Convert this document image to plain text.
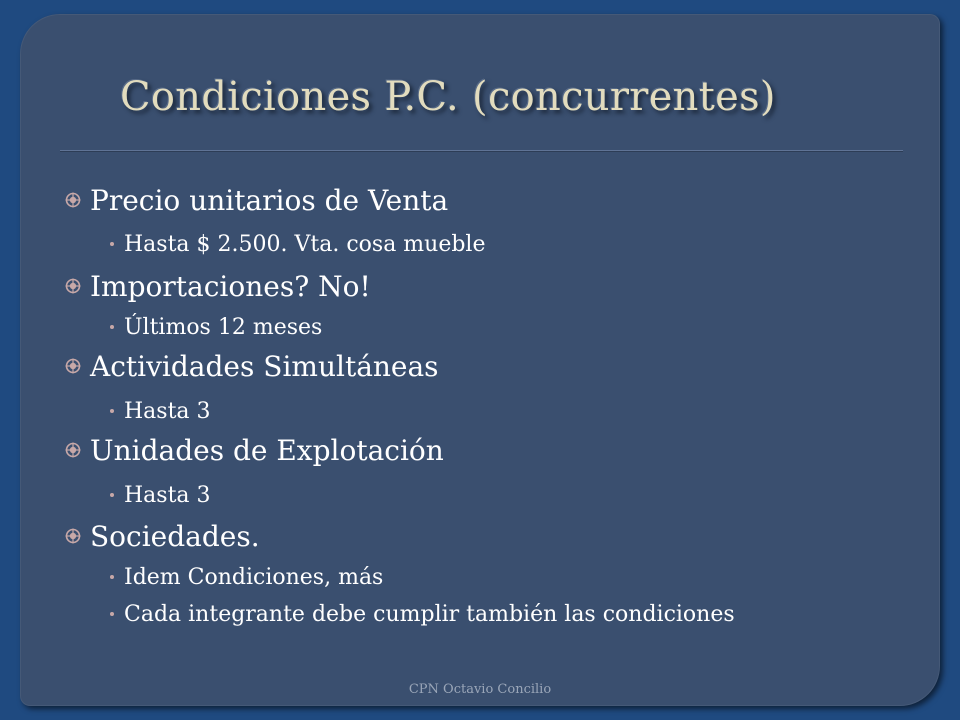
Condiciones P.C. (concurrentes)
Precio unitarios de Venta
Hasta $ 2.500. Vta. cosa mueble
Importaciones? No!
Últimos 12 meses
Actividades Simultáneas
Hasta 3
Unidades de Explotación
Hasta 3
Sociedades.
Idem Condiciones, más
Cada integrante debe cumplir también las condiciones
CPN Octavio Concilio
